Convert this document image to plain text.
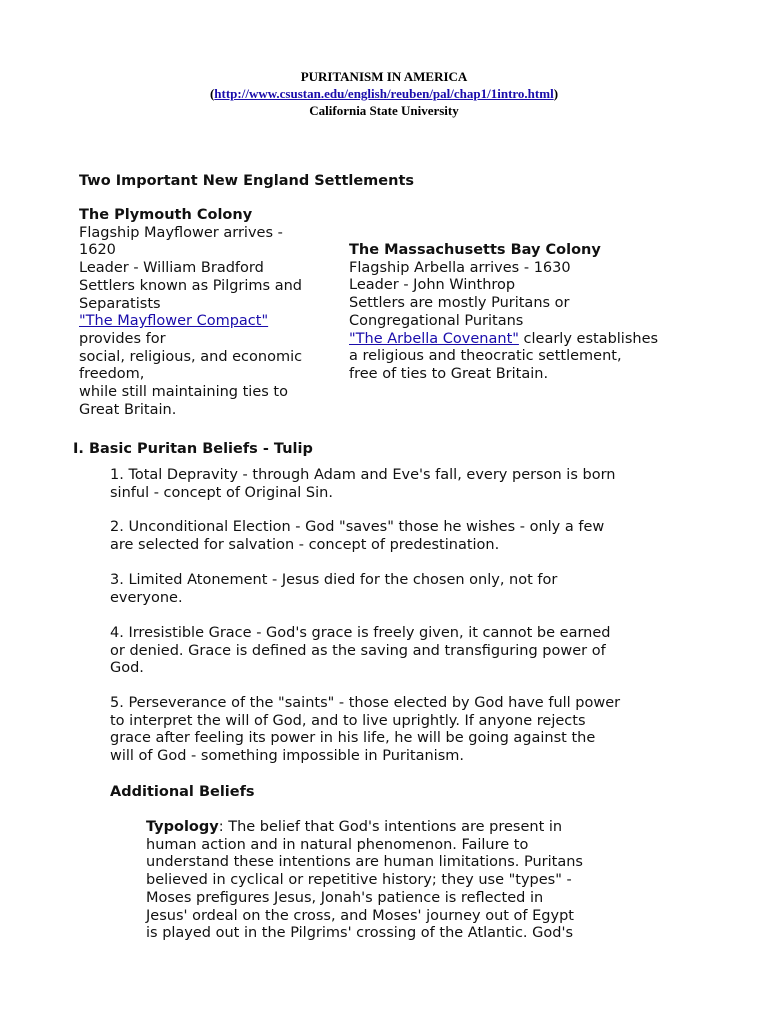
PURITANISM IN AMERICA
(http://www.csustan.edu/english/reuben/pal/chap1/1intro.html)
California State University
Two Important New England Settlements
The Plymouth Colony
Flagship Mayflower arrives -
1620
Leader - William Bradford
Settlers known as Pilgrims and
Separatists
"The Mayflower Compact"
provides for
social, religious, and economic
freedom,
while still maintaining ties to
Great Britain.
The Massachusetts Bay Colony
Flagship Arbella arrives - 1630
Leader - John Winthrop
Settlers are mostly Puritans or
Congregational Puritans
"The Arbella Covenant" clearly establishes
a religious and theocratic settlement,
free of ties to Great Britain.
I. Basic Puritan Beliefs - Tulip
1. Total Depravity - through Adam and Eve's fall, every person is born
sinful - concept of Original Sin.
2. Unconditional Election - God "saves" those he wishes - only a few
are selected for salvation - concept of predestination.
3. Limited Atonement - Jesus died for the chosen only, not for
everyone.
4. Irresistible Grace - God's grace is freely given, it cannot be earned
or denied. Grace is defined as the saving and transfiguring power of
God.
5. Perseverance of the "saints" - those elected by God have full power
to interpret the will of God, and to live uprightly. If anyone rejects
grace after feeling its power in his life, he will be going against the
will of God - something impossible in Puritanism.
Additional Beliefs
Typology: The belief that God's intentions are present in
human action and in natural phenomenon. Failure to
understand these intentions are human limitations. Puritans
believed in cyclical or repetitive history; they use "types" -
Moses prefigures Jesus, Jonah's patience is reflected in
Jesus' ordeal on the cross, and Moses' journey out of Egypt
is played out in the Pilgrims' crossing of the Atlantic. God's
